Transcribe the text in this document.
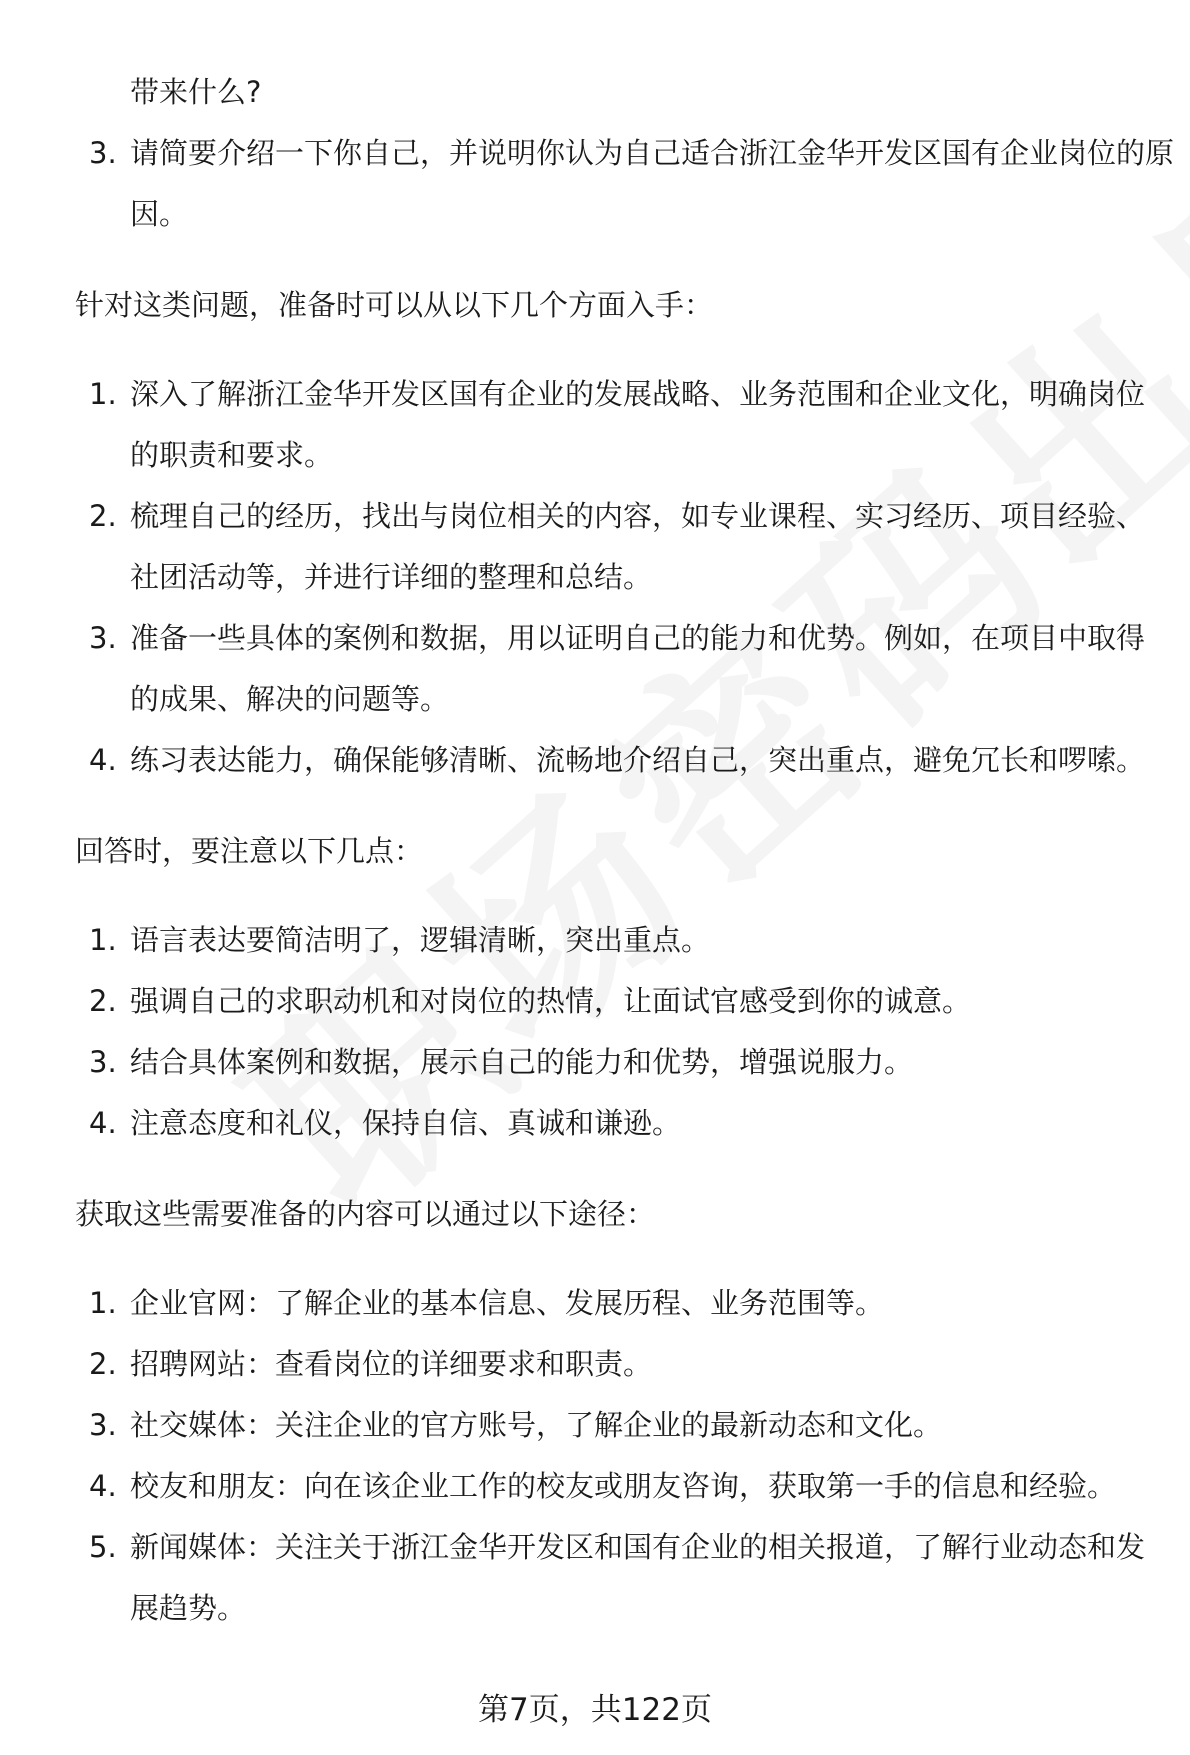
带来什么?
3. 请简要介绍一下你自己，并说明你认为自己适合浙江金华开发区国有企业岗位的原因。

针对这类问题，准备时可以从以下几个方面入手：

1. 深入了解浙江金华开发区国有企业的发展战略、业务范围和企业文化，明确岗位的职责和要求。
2. 梳理自己的经历，找出与岗位相关的内容，如专业课程、实习经历、项目经验、社团活动等，并进行详细的整理和总结。
3. 准备一些具体的案例和数据，用以证明自己的能力和优势。例如，在项目中取得的成果、解决的问题等。
4. 练习表达能力，确保能够清晰、流畅地介绍自己，突出重点，避免冗长和啰嗦。

回答时，要注意以下几点：

1. 语言表达要简洁明了，逻辑清晰，突出重点。
2. 强调自己的求职动机和对岗位的热情，让面试官感受到你的诚意。
3. 结合具体案例和数据，展示自己的能力和优势，增强说服力。
4. 注意态度和礼仪，保持自信、真诚和谦逊。

获取这些需要准备的内容可以通过以下途径：

1. 企业官网：了解企业的基本信息、发展历程、业务范围等。
2. 招聘网站：查看岗位的详细要求和职责。
3. 社交媒体：关注企业的官方账号，了解企业的最新动态和文化。
4. 校友和朋友：向在该企业工作的校友或朋友咨询，获取第一手的信息和经验。
5. 新闻媒体：关注关于浙江金华开发区和国有企业的相关报道，了解行业动态和发展趋势。
第7页，共122页
